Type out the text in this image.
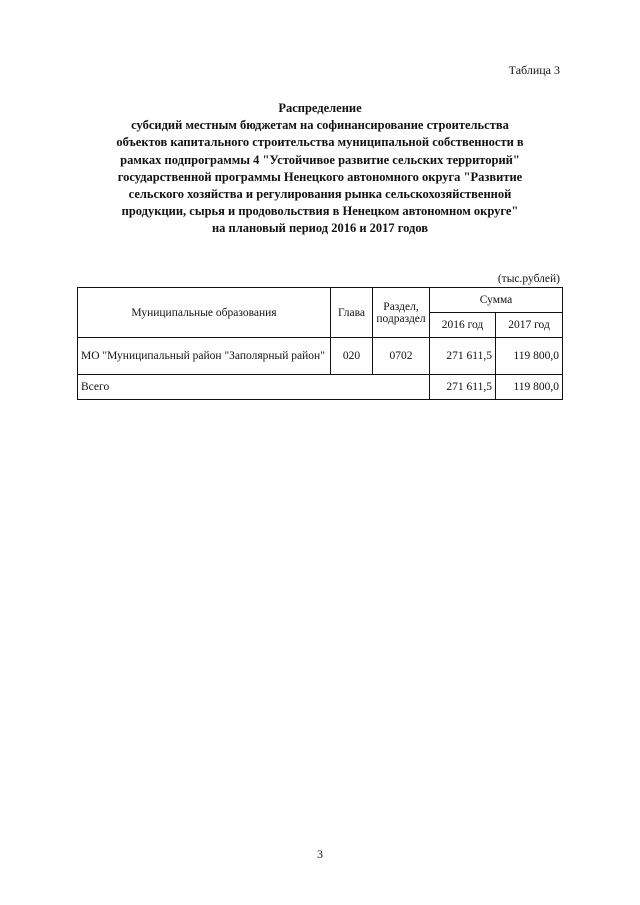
Таблица 3
Распределение
субсидий местным бюджетам на софинансирование строительства
объектов капитального строительства муниципальной собственности в
рамках подпрограммы 4 "Устойчивое развитие сельских территорий"
государственной программы Ненецкого автономного округа "Развитие
сельского хозяйства и регулирования рынка сельскохозяйственной
продукции, сырья и продовольствия в Ненецком автономном округе"
на плановый период 2016 и 2017 годов
(тыс.рублей)
Муниципальные образования	Глава	Раздел, подраздел	Сумма	
			2016 год	2017 год
МО "Муниципальный район "Заполярный район"	020	0702	271 611,5	119 800,0
Всего			271 611,5	119 800,0
3
